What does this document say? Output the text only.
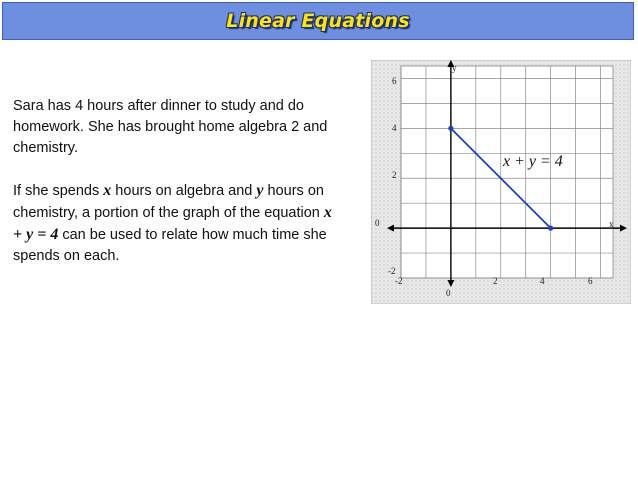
Linear Equations
Sara has 4 hours after dinner to study and do homework. She has brought home algebra 2 and chemistry.
If she spends x hours on algebra and y hours on chemistry, a portion of the graph of the equation x + y = 4 can be used to relate how much time she spends on each.
y
x
0
0
6
4
2
-2
-2	2	4	6
x + y = 4
